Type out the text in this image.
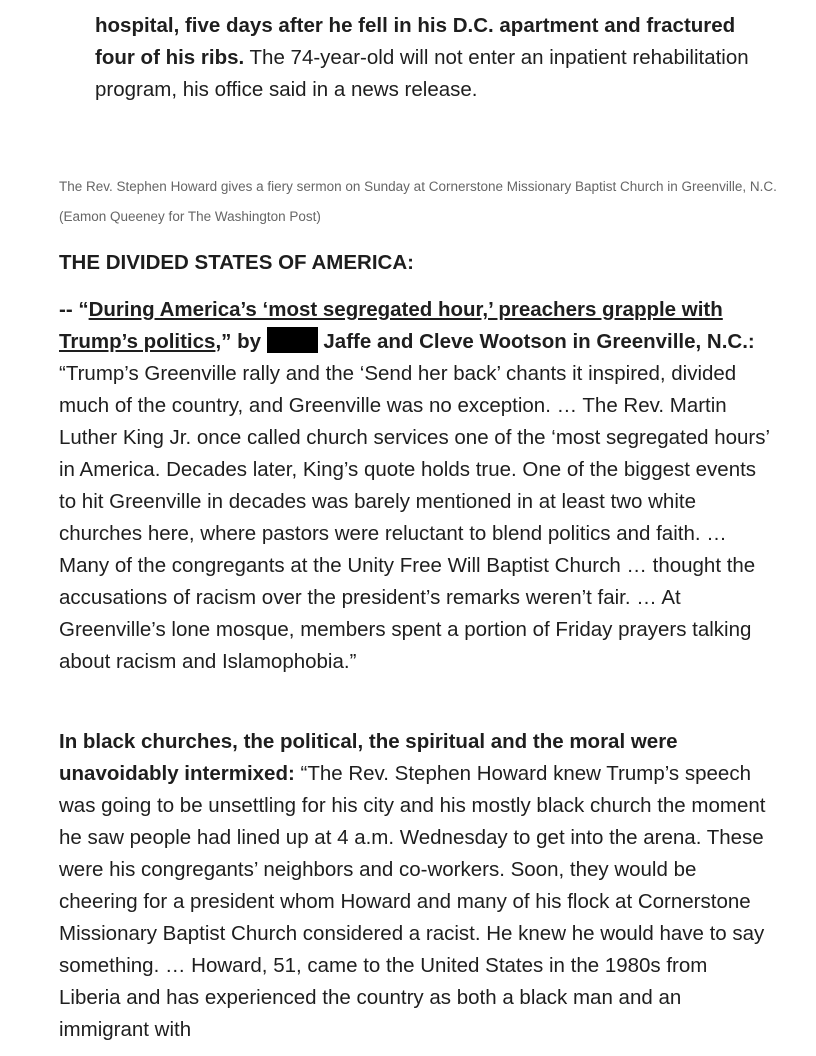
hospital, five days after he fell in his D.C. apartment and fractured four of his ribs. The 74-year-old will not enter an inpatient rehabilitation program, his office said in a news release.

The Rev. Stephen Howard gives a fiery sermon on Sunday at Cornerstone Missionary Baptist Church in Greenville, N.C. (Eamon Queeney for The Washington Post)
THE DIVIDED STATES OF AMERICA:

-- “During America’s ‘most segregated hour,’ preachers grapple with Trump’s politics,” by  Jaffe and Cleve Wootson in Greenville, N.C.: “Trump’s Greenville rally and the ‘Send her back’ chants it inspired, divided much of the country, and Greenville was no exception. … The Rev. Martin Luther King Jr. once called church services one of the ‘most segregated hours’ in America. Decades later, King’s quote holds true. One of the biggest events to hit Greenville in decades was barely mentioned in at least two white churches here, where pastors were reluctant to blend politics and faith. … Many of the congregants at the Unity Free Will Baptist Church … thought the accusations of racism over the president’s remarks weren’t fair. … At Greenville’s lone mosque, members spent a portion of Friday prayers talking about racism and Islamophobia.”

In black churches, the political, the spiritual and the moral were unavoidably intermixed: “The Rev. Stephen Howard knew Trump’s speech was going to be unsettling for his city and his mostly black church the moment he saw people had lined up at 4 a.m. Wednesday to get into the arena. These were his congregants’ neighbors and co-workers. Soon, they would be cheering for a president whom Howard and many of his flock at Cornerstone Missionary Baptist Church considered a racist. He knew he would have to say something. … Howard, 51, came to the United States in the 1980s from Liberia and has experienced the country as both a black man and an immigrant with
